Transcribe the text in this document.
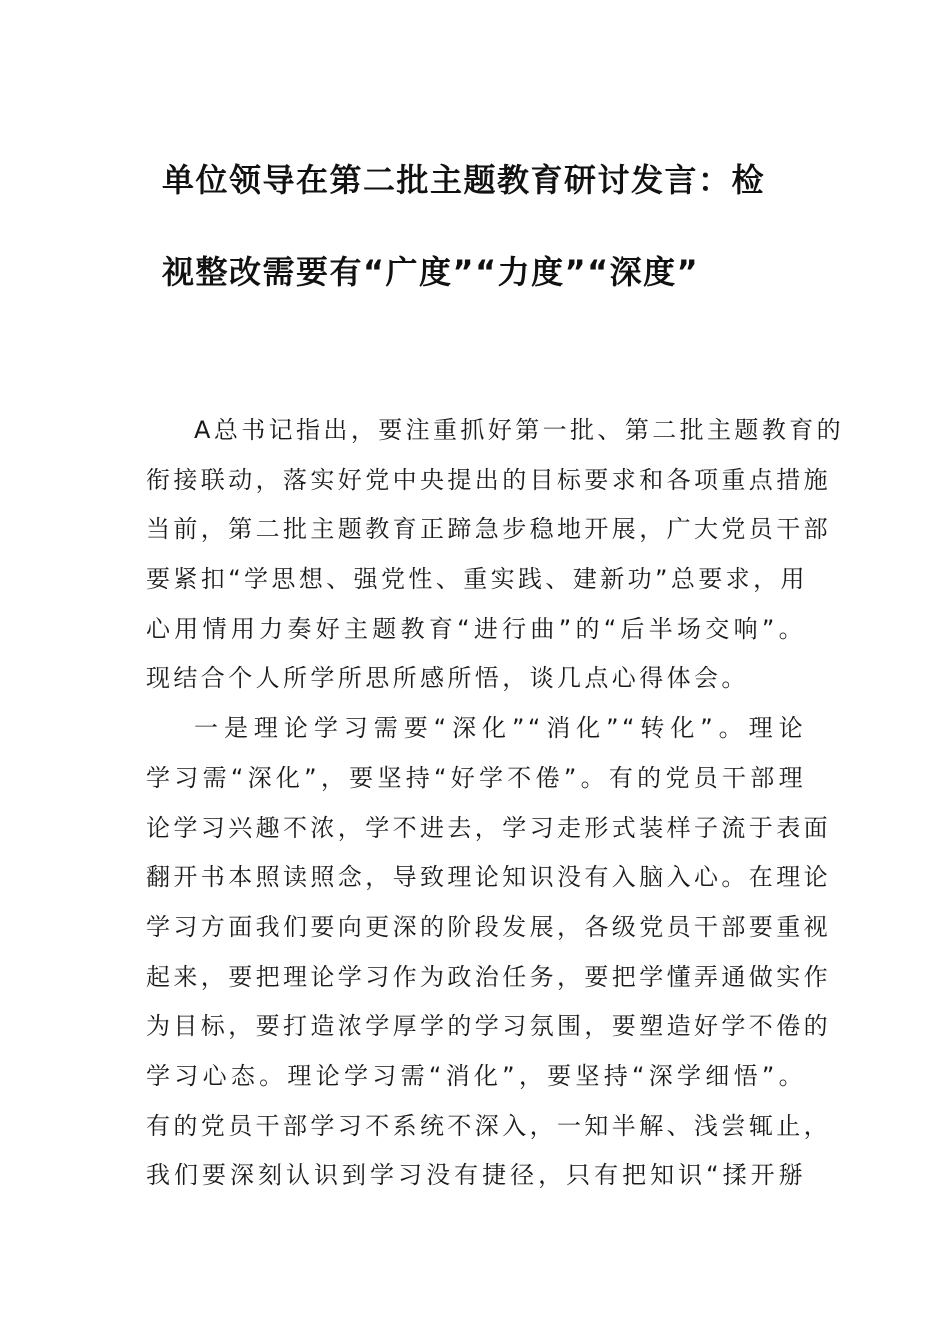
单位领导在第二批主题教育研讨发言：检
视整改需要有“广度”“力度”“深度”
A总书记指出，要注重抓好第一批、第二批主题教育的
衔接联动，落实好党中央提出的目标要求和各项重点措施
当前，第二批主题教育正蹄急步稳地开展，广大党员干部
要紧扣“学思想、强党性、重实践、建新功”总要求，用
心用情用力奏好主题教育“进行曲”的“后半场交响”。
现结合个人所学所思所感所悟，谈几点心得体会。
一是理论学习需要“深化”“消化”“转化”。理论
学习需“深化”，要坚持“好学不倦”。有的党员干部理
论学习兴趣不浓，学不进去，学习走形式装样子流于表面
翻开书本照读照念，导致理论知识没有入脑入心。在理论
学习方面我们要向更深的阶段发展，各级党员干部要重视
起来，要把理论学习作为政治任务，要把学懂弄通做实作
为目标，要打造浓学厚学的学习氛围，要塑造好学不倦的
学习心态。理论学习需“消化”，要坚持“深学细悟”。
有的党员干部学习不系统不深入，一知半解、浅尝辄止，
我们要深刻认识到学习没有捷径，只有把知识“揉开掰
